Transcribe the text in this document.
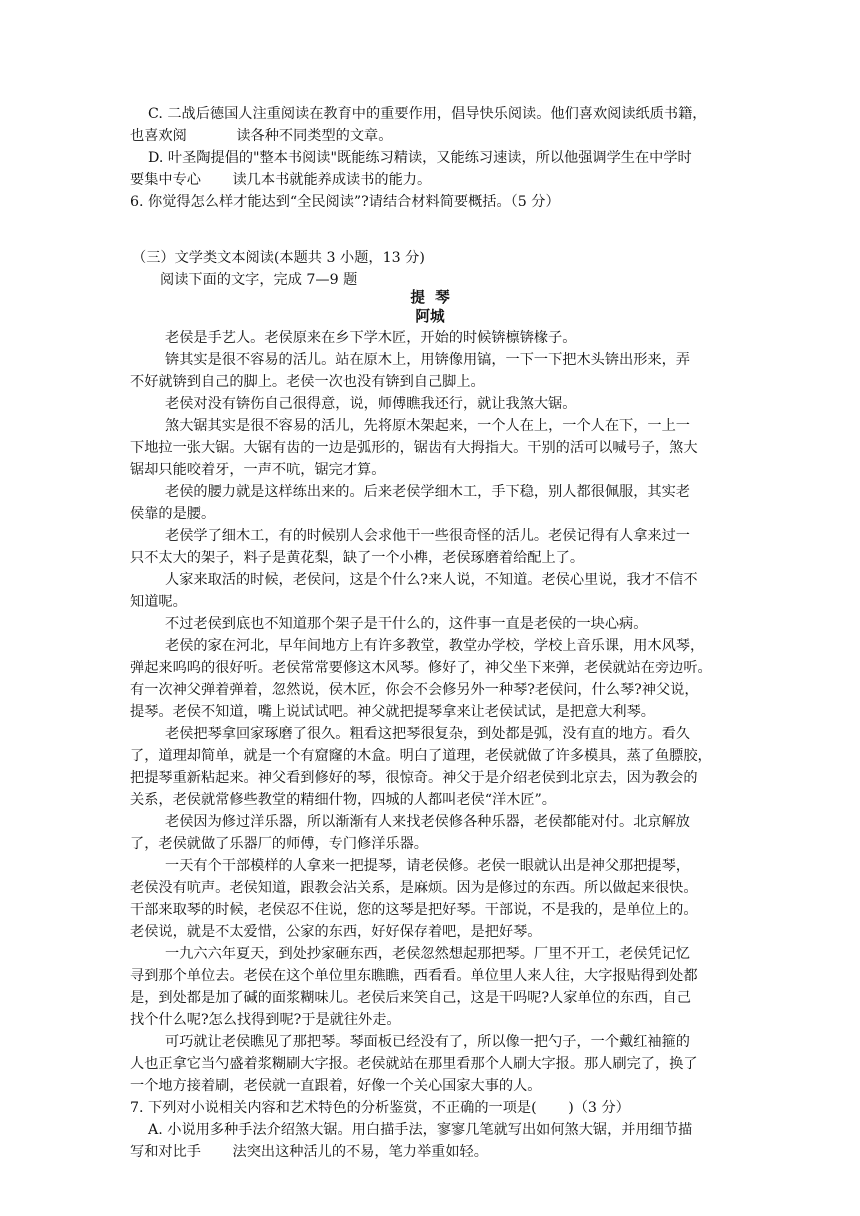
C. 二战后德国人注重阅读在教育中的重要作用，倡导快乐阅读。他们喜欢阅读纸质书籍，
也喜欢阅           读各种不同类型的文章。
D. 叶圣陶提倡的"整本书阅读"既能练习精读，又能练习速读，所以他强调学生在中学时
要集中专心       读几本书就能养成读书的能力。
6. 你觉得怎么样才能达到“全民阅读”?请结合材料简要概括。（5 分）
（三）文学类文本阅读(本题共 3 小题，13 分)
阅读下面的文字，完成 7—9 题
提  琴
阿城
老侯是手艺人。老侯原来在乡下学木匠，开始的时候锛檩锛椽子。
锛其实是很不容易的活儿。站在原木上，用锛像用镐，一下一下把木头锛出形来，弄
不好就锛到自己的脚上。老侯一次也没有锛到自己脚上。
老侯对没有锛伤自己很得意，说，师傅瞧我还行，就让我煞大锯。
煞大锯其实是很不容易的活儿，先将原木架起来，一个人在上，一个人在下，一上一
下地拉一张大锯。大锯有齿的一边是弧形的，锯齿有大拇指大。干别的活可以喊号子，煞大
锯却只能咬着牙，一声不吭，锯完才算。
老侯的腰力就是这样练出来的。后来老侯学细木工，手下稳，别人都很佩服，其实老
侯靠的是腰。
老侯学了细木工，有的时候别人会求他干一些很奇怪的活儿。老侯记得有人拿来过一
只不太大的架子，料子是黄花梨，缺了一个小榫，老侯琢磨着给配上了。
人家来取活的时候，老侯问，这是个什么?来人说，不知道。老侯心里说，我才不信不
知道呢。
不过老侯到底也不知道那个架子是干什么的，这件事一直是老侯的一块心病。
老侯的家在河北，早年间地方上有许多教堂，教堂办学校，学校上音乐课，用木风琴，
弹起来呜呜的很好听。老侯常常要修这木风琴。修好了，神父坐下来弹，老侯就站在旁边听。
有一次神父弹着弹着，忽然说，侯木匠，你会不会修另外一种琴?老侯问，什么琴?神父说，
提琴。老侯不知道，嘴上说试试吧。神父就把提琴拿来让老侯试试，是把意大利琴。
老侯把琴拿回家琢磨了很久。粗看这把琴很复杂，到处都是弧，没有直的地方。看久
了，道理却简单，就是一个有窟窿的木盒。明白了道理，老侯就做了许多模具，蒸了鱼膘胶，
把提琴重新粘起来。神父看到修好的琴，很惊奇。神父于是介绍老侯到北京去，因为教会的
关系，老侯就常修些教堂的精细什物，四城的人都叫老侯“洋木匠”。
老侯因为修过洋乐器，所以渐渐有人来找老侯修各种乐器，老侯都能对付。北京解放
了，老侯就做了乐器厂的师傅，专门修洋乐器。
一天有个干部模样的人拿来一把提琴，请老侯修。老侯一眼就认出是神父那把提琴，
老侯没有吭声。老侯知道，跟教会沾关系，是麻烦。因为是修过的东西。所以做起来很快。
干部来取琴的时候，老侯忍不住说，您的这琴是把好琴。干部说，不是我的，是单位上的。
老侯说，就是不太爱惜，公家的东西，好好保存着吧，是把好琴。
一九六六年夏天，到处抄家砸东西，老侯忽然想起那把琴。厂里不开工，老侯凭记忆
寻到那个单位去。老侯在这个单位里东瞧瞧，西看看。单位里人来人往，大字报贴得到处都
是，到处都是加了碱的面浆糊味儿。老侯后来笑自己，这是干吗呢?人家单位的东西，自己
找个什么呢?怎么找得到呢?于是就往外走。
可巧就让老侯瞧见了那把琴。琴面板已经没有了，所以像一把勺子，一个戴红袖箍的
人也正拿它当勺盛着浆糊刷大字报。老侯就站在那里看那个人刷大字报。那人刷完了，换了
一个地方接着刷，老侯就一直跟着，好像一个关心国家大事的人。
7. 下列对小说相关内容和艺术特色的分析鉴赏，不正确的一项是(       )（3 分）
A. 小说用多种手法介绍煞大锯。用白描手法，寥寥几笔就写出如何煞大锯，并用细节描
写和对比手       法突出这种活儿的不易，笔力举重如轻。
